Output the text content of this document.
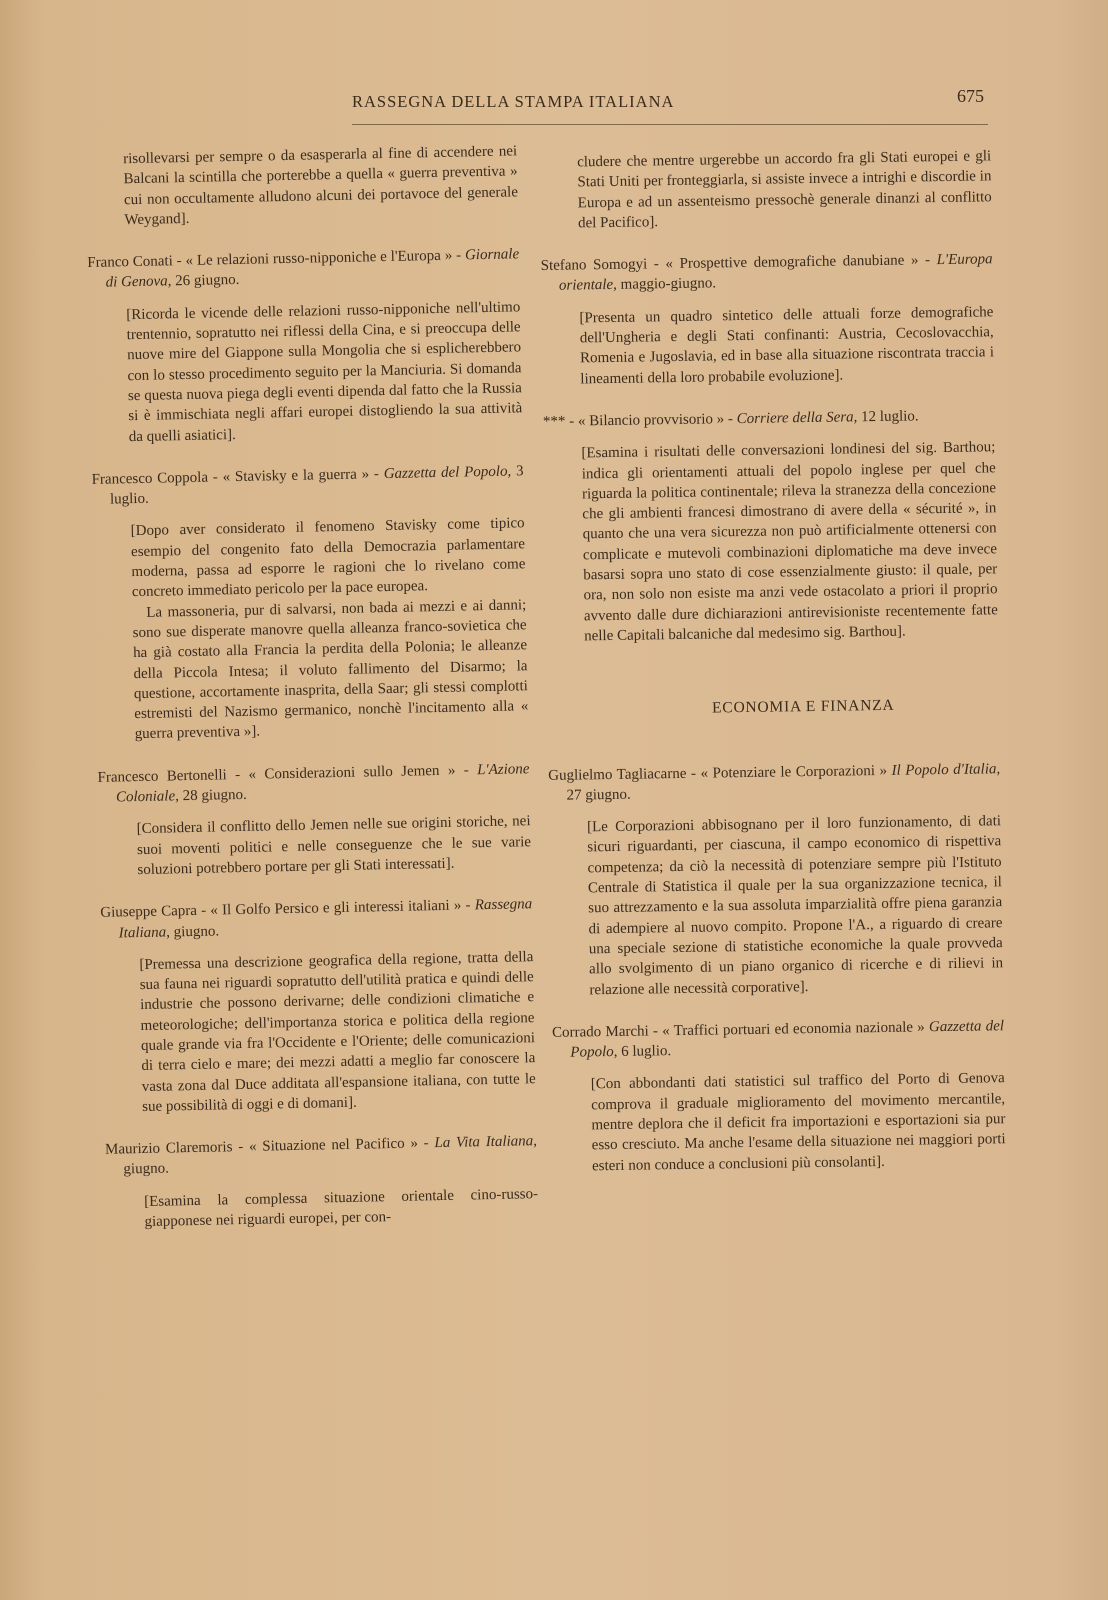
RASSEGNA DELLA STAMPA ITALIANA	675
risollevarsi per sempre o da esasperarla al fine di accendere nei Balcani la scintilla che porterebbe a quella « guerra preventiva » cui non occultamente alludono alcuni dei portavoce del generale Weygand].

Franco Conati - « Le relazioni russo-nipponiche e l'Europa » - Giornale di Genova, 26 giugno.

[Ricorda le vicende delle relazioni russo-nipponiche nell'ultimo trentennio, sopratutto nei riflessi della Cina, e si preoccupa delle nuove mire del Giappone sulla Mongolia che si esplicherebbero con lo stesso procedimento seguito per la Manciuria. Si domanda se questa nuova piega degli eventi dipenda dal fatto che la Russia si è immischiata negli affari europei distogliendo la sua attività da quelli asiatici].

Francesco Coppola - « Stavisky e la guerra » - Gazzetta del Popolo, 3 luglio.

[Dopo aver considerato il fenomeno Stavisky come tipico esempio del congenito fato della Democrazia parlamentare moderna, passa ad esporre le ragioni che lo rivelano come concreto immediato pericolo per la pace europea.

La massoneria, pur di salvarsi, non bada ai mezzi e ai danni; sono sue disperate manovre quella alleanza franco-sovietica che ha già costato alla Francia la perdita della Polonia; le alleanze della Piccola Intesa; il voluto fallimento del Disarmo; la questione, accortamente inasprita, della Saar; gli stessi complotti estremisti del Nazismo germanico, nonchè l'incitamento alla « guerra preventiva »].

Francesco Bertonelli - « Considerazioni sullo Jemen » - L'Azione Coloniale, 28 giugno.

[Considera il conflitto dello Jemen nelle sue origini storiche, nei suoi moventi politici e nelle conseguenze che le sue varie soluzioni potrebbero portare per gli Stati interessati].

Giuseppe Capra - « Il Golfo Persico e gli interessi italiani » - Rassegna Italiana, giugno.

[Premessa una descrizione geografica della regione, tratta della sua fauna nei riguardi sopratutto dell'utilità pratica e quindi delle industrie che possono derivarne; delle condizioni climatiche e meteorologiche; dell'importanza storica e politica della regione quale grande via fra l'Occidente e l'Oriente; delle comunicazioni di terra cielo e mare; dei mezzi adatti a meglio far conoscere la vasta zona dal Duce additata all'espansione italiana, con tutte le sue possibilità di oggi e di domani].

Maurizio Claremoris - « Situazione nel Pacifico » - La Vita Italiana, giugno.

[Esamina la complessa situazione orientale cino-russo-giapponese nei riguardi europei, per con-

cludere che mentre urgerebbe un accordo fra gli Stati europei e gli Stati Uniti per fronteggiarla, si assiste invece a intrighi e discordie in Europa e ad un assenteismo pressochè generale dinanzi al conflitto del Pacifico].

Stefano Somogyi - « Prospettive demografiche danubiane » - L'Europa orientale, maggio-giugno.

[Presenta un quadro sintetico delle attuali forze demografiche dell'Ungheria e degli Stati confinanti: Austria, Cecoslovacchia, Romenia e Jugoslavia, ed in base alla situazione riscontrata traccia i lineamenti della loro probabile evoluzione].

*** - « Bilancio provvisorio » - Corriere della Sera, 12 luglio.

[Esamina i risultati delle conversazioni londinesi del sig. Barthou; indica gli orientamenti attuali del popolo inglese per quel che riguarda la politica continentale; rileva la stranezza della concezione che gli ambienti francesi dimostrano di avere della « sécurité », in quanto che una vera sicurezza non può artificialmente ottenersi con complicate e mutevoli combinazioni diplomatiche ma deve invece basarsi sopra uno stato di cose essenzialmente giusto: il quale, per ora, non solo non esiste ma anzi vede ostacolato a priori il proprio avvento dalle dure dichiarazioni antirevisioniste recentemente fatte nelle Capitali balcaniche dal medesimo sig. Barthou].

ECONOMIA E FINANZA

Guglielmo Tagliacarne - « Potenziare le Corporazioni » Il Popolo d'Italia, 27 giugno.

[Le Corporazioni abbisognano per il loro funzionamento, di dati sicuri riguardanti, per ciascuna, il campo economico di rispettiva competenza; da ciò la necessità di potenziare sempre più l'Istituto Centrale di Statistica il quale per la sua organizzazione tecnica, il suo attrezzamento e la sua assoluta imparzialità offre piena garanzia di adempiere al nuovo compito. Propone l'A., a riguardo di creare una speciale sezione di statistiche economiche la quale provveda allo svolgimento di un piano organico di ricerche e di rilievi in relazione alle necessità corporative].

Corrado Marchi - « Traffici portuari ed economia nazionale » Gazzetta del Popolo, 6 luglio.

[Con abbondanti dati statistici sul traffico del Porto di Genova comprova il graduale miglioramento del movimento mercantile, mentre deplora che il deficit fra importazioni e esportazioni sia pur esso cresciuto. Ma anche l'esame della situazione nei maggiori porti esteri non conduce a conclusioni più consolanti].
